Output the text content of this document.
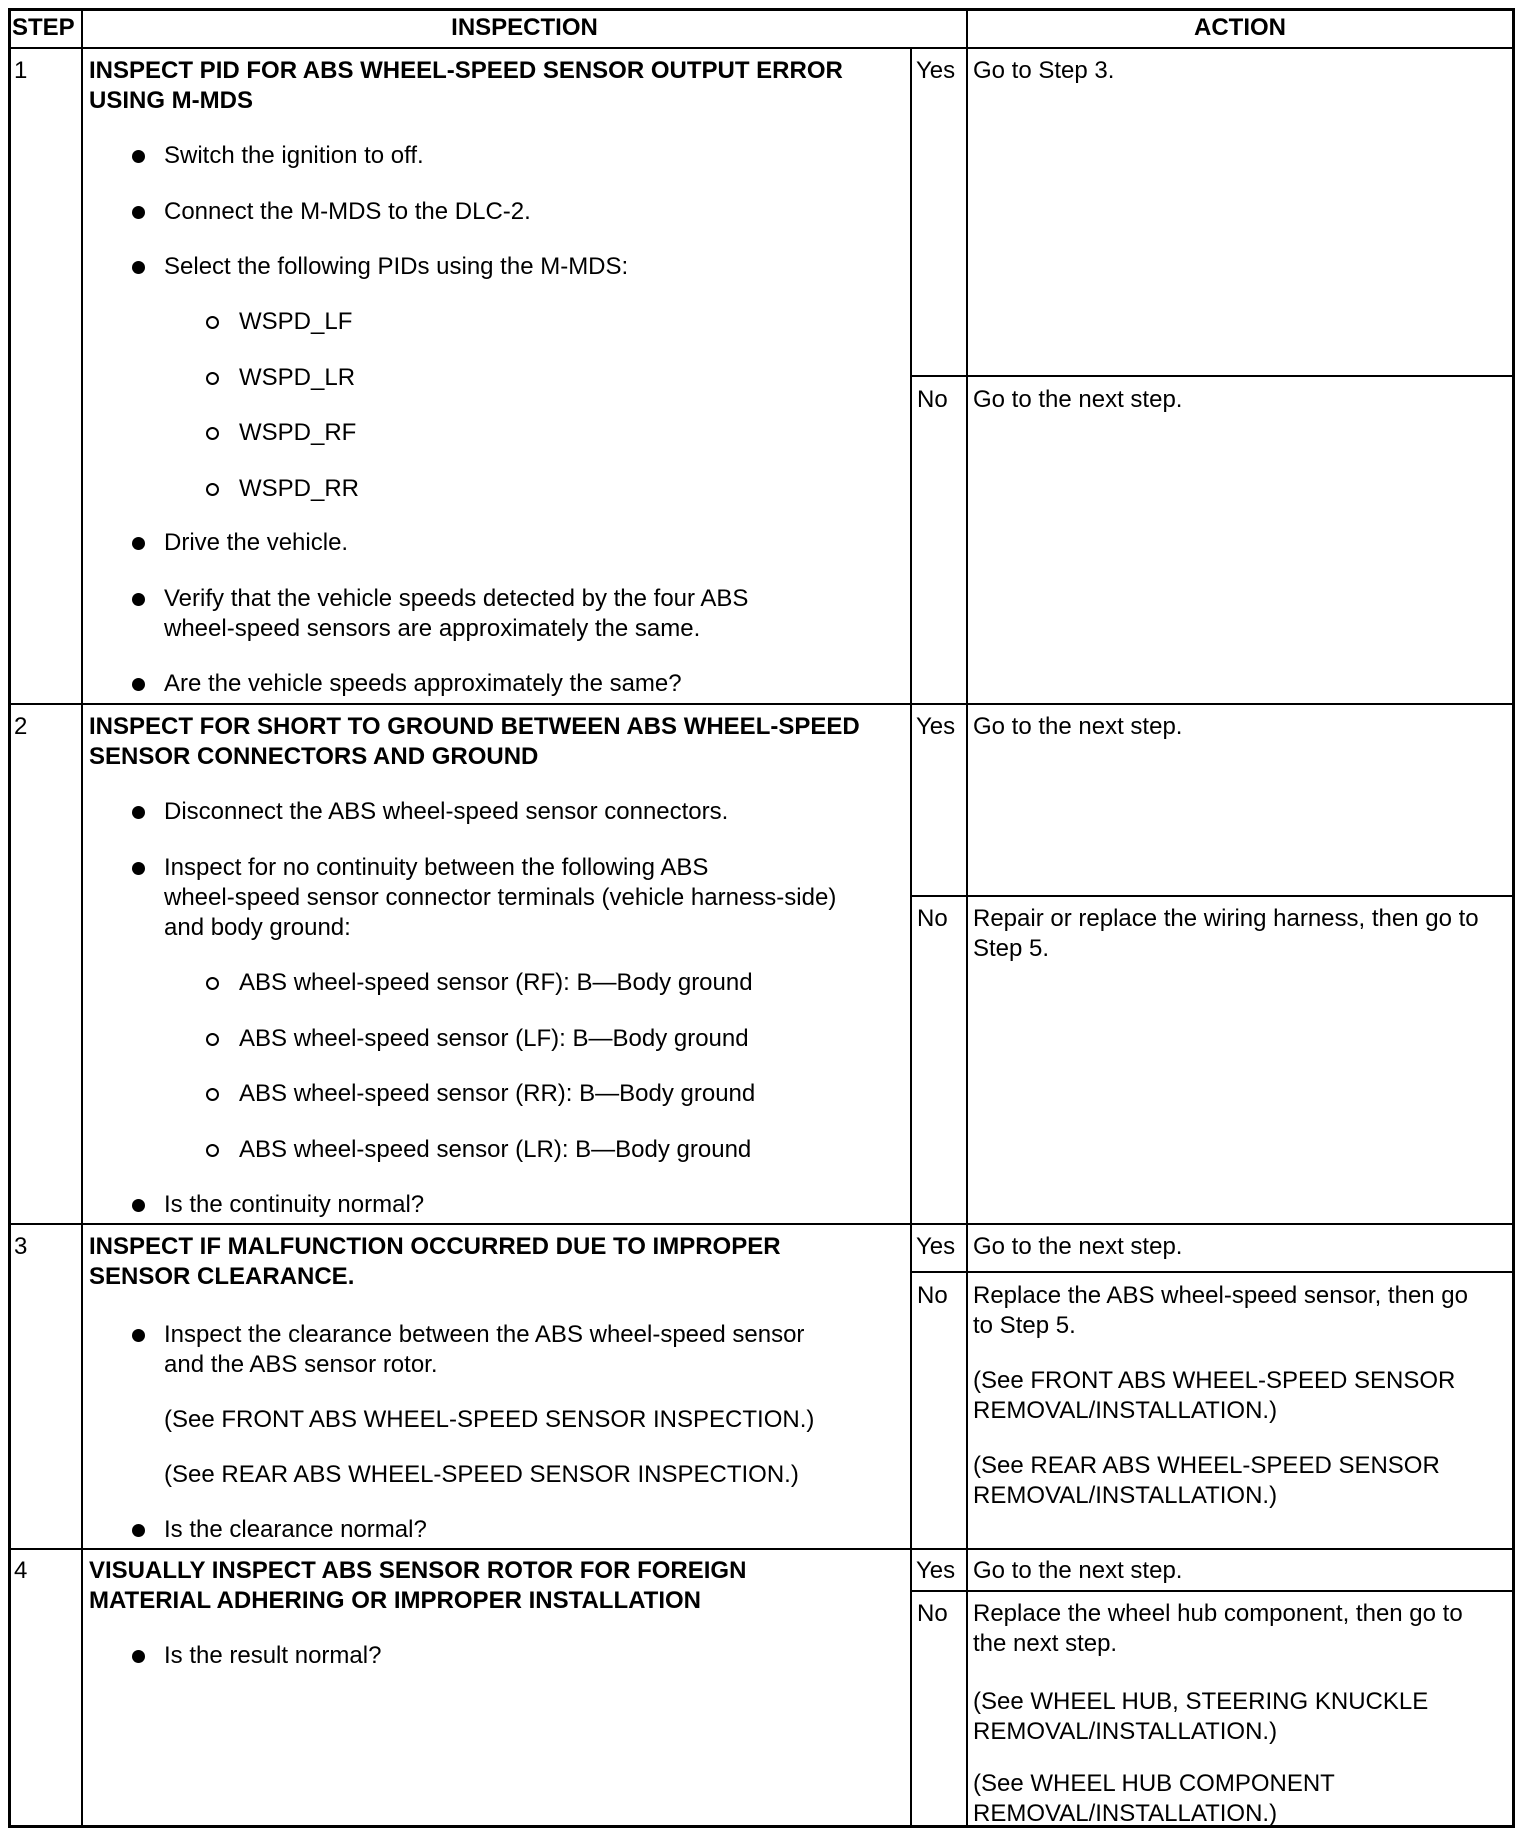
STEP	INSPECTION	ACTION
1	INSPECT PID FOR ABS WHEEL-SPEED SENSOR OUTPUT ERROR
USING M-MDS
Switch the ignition to off.
Connect the M-MDS to the DLC-2.
Select the following PIDs using the M-MDS:
WSPD_LF
WSPD_LR
WSPD_RF
WSPD_RR
Drive the vehicle.
Verify that the vehicle speeds detected by the four ABS
wheel-speed sensors are approximately the same.
Are the vehicle speeds approximately the same?
Yes Go to Step 3.
No Go to the next step.
2	INSPECT FOR SHORT TO GROUND BETWEEN ABS WHEEL-SPEED
SENSOR CONNECTORS AND GROUND
Disconnect the ABS wheel-speed sensor connectors.
Inspect for no continuity between the following ABS
wheel-speed sensor connector terminals (vehicle harness-side)
and body ground:
ABS wheel-speed sensor (RF): B—Body ground
ABS wheel-speed sensor (LF): B—Body ground
ABS wheel-speed sensor (RR): B—Body ground
ABS wheel-speed sensor (LR): B—Body ground
Is the continuity normal?
Yes Go to the next step.
No Repair or replace the wiring harness, then go to
Step 5.
3	INSPECT IF MALFUNCTION OCCURRED DUE TO IMPROPER
SENSOR CLEARANCE.
Inspect the clearance between the ABS wheel-speed sensor
and the ABS sensor rotor.
(See FRONT ABS WHEEL-SPEED SENSOR INSPECTION.)
(See REAR ABS WHEEL-SPEED SENSOR INSPECTION.)
Is the clearance normal?
Yes Go to the next step.
No Replace the ABS wheel-speed sensor, then go
to Step 5.
(See FRONT ABS WHEEL-SPEED SENSOR
REMOVAL/INSTALLATION.)
(See REAR ABS WHEEL-SPEED SENSOR
REMOVAL/INSTALLATION.)
4	VISUALLY INSPECT ABS SENSOR ROTOR FOR FOREIGN
MATERIAL ADHERING OR IMPROPER INSTALLATION
Is the result normal?
Yes Go to the next step.
No Replace the wheel hub component, then go to
the next step.
(See WHEEL HUB, STEERING KNUCKLE
REMOVAL/INSTALLATION.)
(See WHEEL HUB COMPONENT
REMOVAL/INSTALLATION.)
